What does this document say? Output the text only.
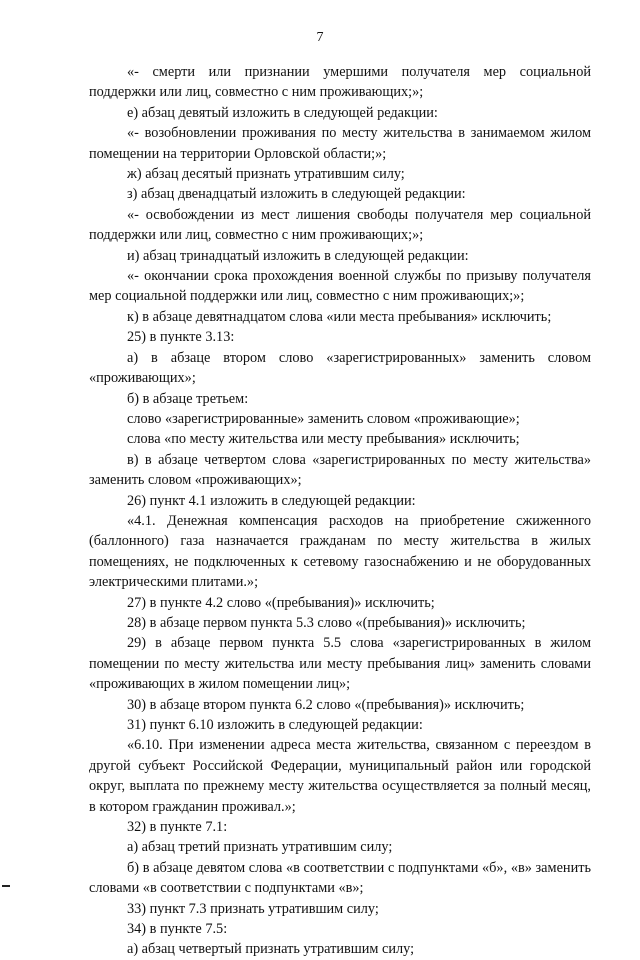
7

«- смерти или признании умершими получателя мер социальной поддержки или лиц, совместно с ним проживающих;»;

е) абзац девятый изложить в следующей редакции:

«- возобновлении проживания по месту жительства в занимаемом жилом помещении на территории Орловской области;»;

ж) абзац десятый признать утратившим силу;

з) абзац двенадцатый изложить в следующей редакции:

«- освобождении из мест лишения свободы получателя мер социальной поддержки или лиц, совместно с ним проживающих;»;

и) абзац тринадцатый изложить в следующей редакции:

«- окончании срока прохождения военной службы по призыву получателя мер социальной поддержки или лиц, совместно с ним проживающих;»;

к) в абзаце девятнадцатом слова «или места пребывания» исключить;

25) в пункте 3.13:

а) в абзаце втором слово «зарегистрированных» заменить словом «проживающих»;

б) в абзаце третьем:

слово «зарегистрированные» заменить словом «проживающие»;

слова «по месту жительства или месту пребывания» исключить;

в) в абзаце четвертом слова «зарегистрированных по месту жительства» заменить словом «проживающих»;

26) пункт 4.1 изложить в следующей редакции:

«4.1. Денежная компенсация расходов на приобретение сжиженного (баллонного) газа назначается гражданам по месту жительства в жилых помещениях, не подключенных к сетевому газоснабжению и не оборудованных электрическими плитами.»;

27) в пункте 4.2 слово «(пребывания)» исключить;

28) в абзаце первом пункта 5.3 слово «(пребывания)» исключить;

29) в абзаце первом пункта 5.5 слова «зарегистрированных в жилом помещении по месту жительства или месту пребывания лиц» заменить словами «проживающих в жилом помещении лиц»;

30) в абзаце втором пункта 6.2 слово «(пребывания)» исключить;

31) пункт 6.10 изложить в следующей редакции:

«6.10. При изменении адреса места жительства, связанном с переездом в другой субъект Российской Федерации, муниципальный район или городской округ, выплата по прежнему месту жительства осуществляется за полный месяц, в котором гражданин проживал.»;

32) в пункте 7.1:

а) абзац третий признать утратившим силу;

б) в абзаце девятом слова «в соответствии с подпунктами «б», «в» заменить словами «в соответствии с подпунктами «в»;

33) пункт 7.3 признать утратившим силу;

34) в пункте 7.5:

а) абзац четвертый признать утратившим силу;
